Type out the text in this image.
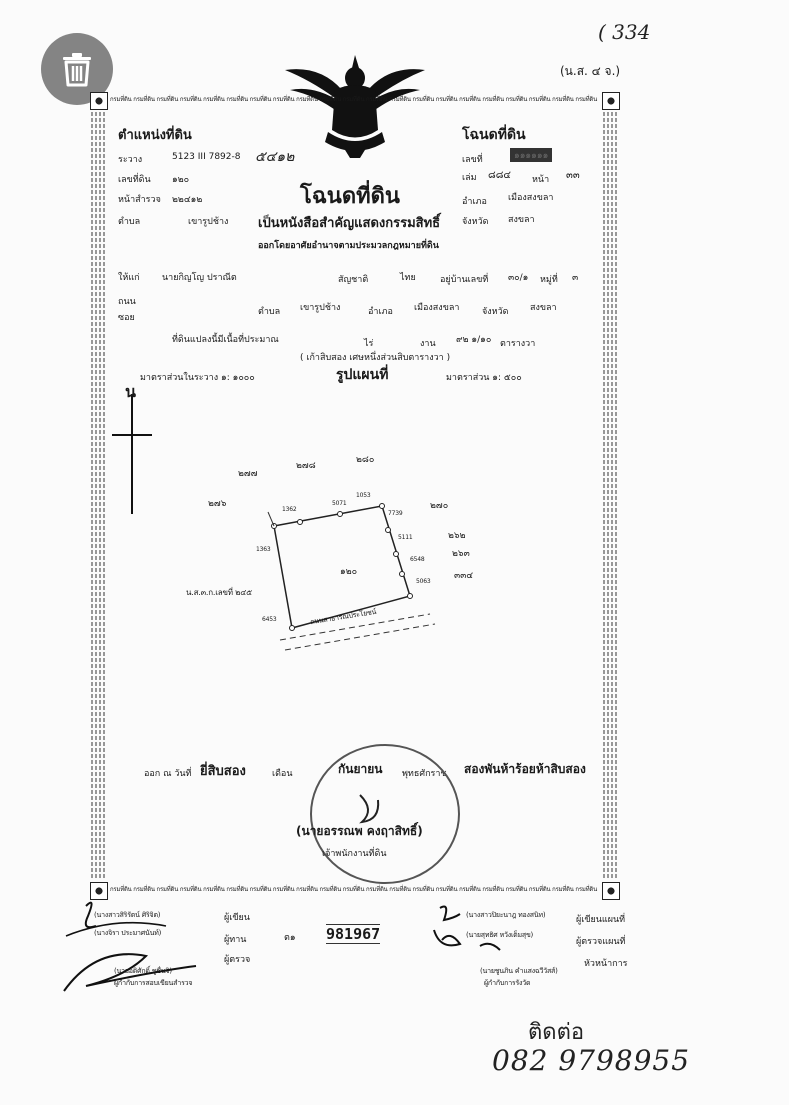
( 334
(น.ส. ๔ จ.)
กรมที่ดิน กรมที่ดิน กรมที่ดิน กรมที่ดิน กรมที่ดิน กรมที่ดิน กรมที่ดิน กรมที่ดิน กรมที่ดิน กรมที่ดิน กรมที่ดิน กรมที่ดิน กรมที่ดิน กรมที่ดิน กรมที่ดิน กรมที่ดิน กรมที่ดิน กรมที่ดิน กรมที่ดิน กรมที่ดิน กรมที่ดิน
กรมที่ดิน กรมที่ดิน กรมที่ดิน กรมที่ดิน กรมที่ดิน กรมที่ดิน กรมที่ดิน กรมที่ดิน กรมที่ดิน กรมที่ดิน กรมที่ดิน กรมที่ดิน กรมที่ดิน กรมที่ดิน กรมที่ดิน กรมที่ดิน กรมที่ดิน กรมที่ดิน กรมที่ดิน กรมที่ดิน กรมที่ดิน
ตำแหน่งที่ดิน	โฉนดที่ดิน
ระวาง	5123 III 7892-8 ๕๔๑๒
เลขที่ดิน ๑๒๐
หน้าสำรวจ ๒๒๔๑๒
ตำบล	เขารูปช้าง
โฉนดที่ดิน
เป็นหนังสือสำคัญแสดงกรรมสิทธิ์
ออกโดยอาศัยอำนาจตามประมวลกฎหมายที่ดิน
เลขที่	๑๑๑๑๑๑
เล่ม ๘๘๔ หน้า ๓๓
อำเภอ เมืองสงขลา
จังหวัด สงขลา
ให้แก่ นายกิญโญ ปราณีต	สัญชาติ	ไทย	อยู่บ้านเลขที่ ๓๐/๑ หมู่ที่ ๓
ถนน
ซอย
ตำบล เขารูปช้าง	อำเภอ เมืองสงขลา	จังหวัด สงขลา
ที่ดินแปลงนี้มีเนื้อที่ประมาณ	ไร่	งาน ๙๒ ๑/๑๐ ตารางวา
( เก้าสิบสอง เศษหนึ่งส่วนสิบตารางวา )
มาตราส่วนในระวาง ๑: ๑๐๐๐	รูปแผนที่	มาตราส่วน ๑: ๕๐๐
น
๒๘๐
๒๗๘
๒๗๗
๒๗๖	๒๗๐
๒๖๒
๒๖๓
๓๓๔
๑๒๐
น.ส.๓.ก.เลขที่ ๒๔๕
ถนนสาธารณประโยชน์
1362
5071
1053
7739
5111
6548
5063
1363
6453
ออก ณ วันที่ ยี่สิบสอง	เดือน	กันยายน พุทธศักราช สองพันห้าร้อยห้าสิบสอง
(นายอรรณพ คงฤาสิทธิ์)
เจ้าพนักงานที่ดิน
(นางสาวสิริรัตน์ ศิริจิต)	ผู้เขียน
(นางจิรา ประมาศนันท์)
ผู้ทาน
ผู้ตรวจ
(นายอดิศักดิ์ ชูชื่นจิ)
ผู้กำกับการสอบเขียนสำรวจ
ต๑ 981967
(นางสาวปิยะนาฎ ทองสนิท)	ผู้เขียนแผนที่
(นายสุทธิศ หวังเต็มสุข)
ผู้ตรวจแผนที่
หัวหน้าการ
(นายชูนภิน คำแสงฉวีวัสส์)
ผู้กำกับการรังวัด
ติดต่อ
082 9798955
